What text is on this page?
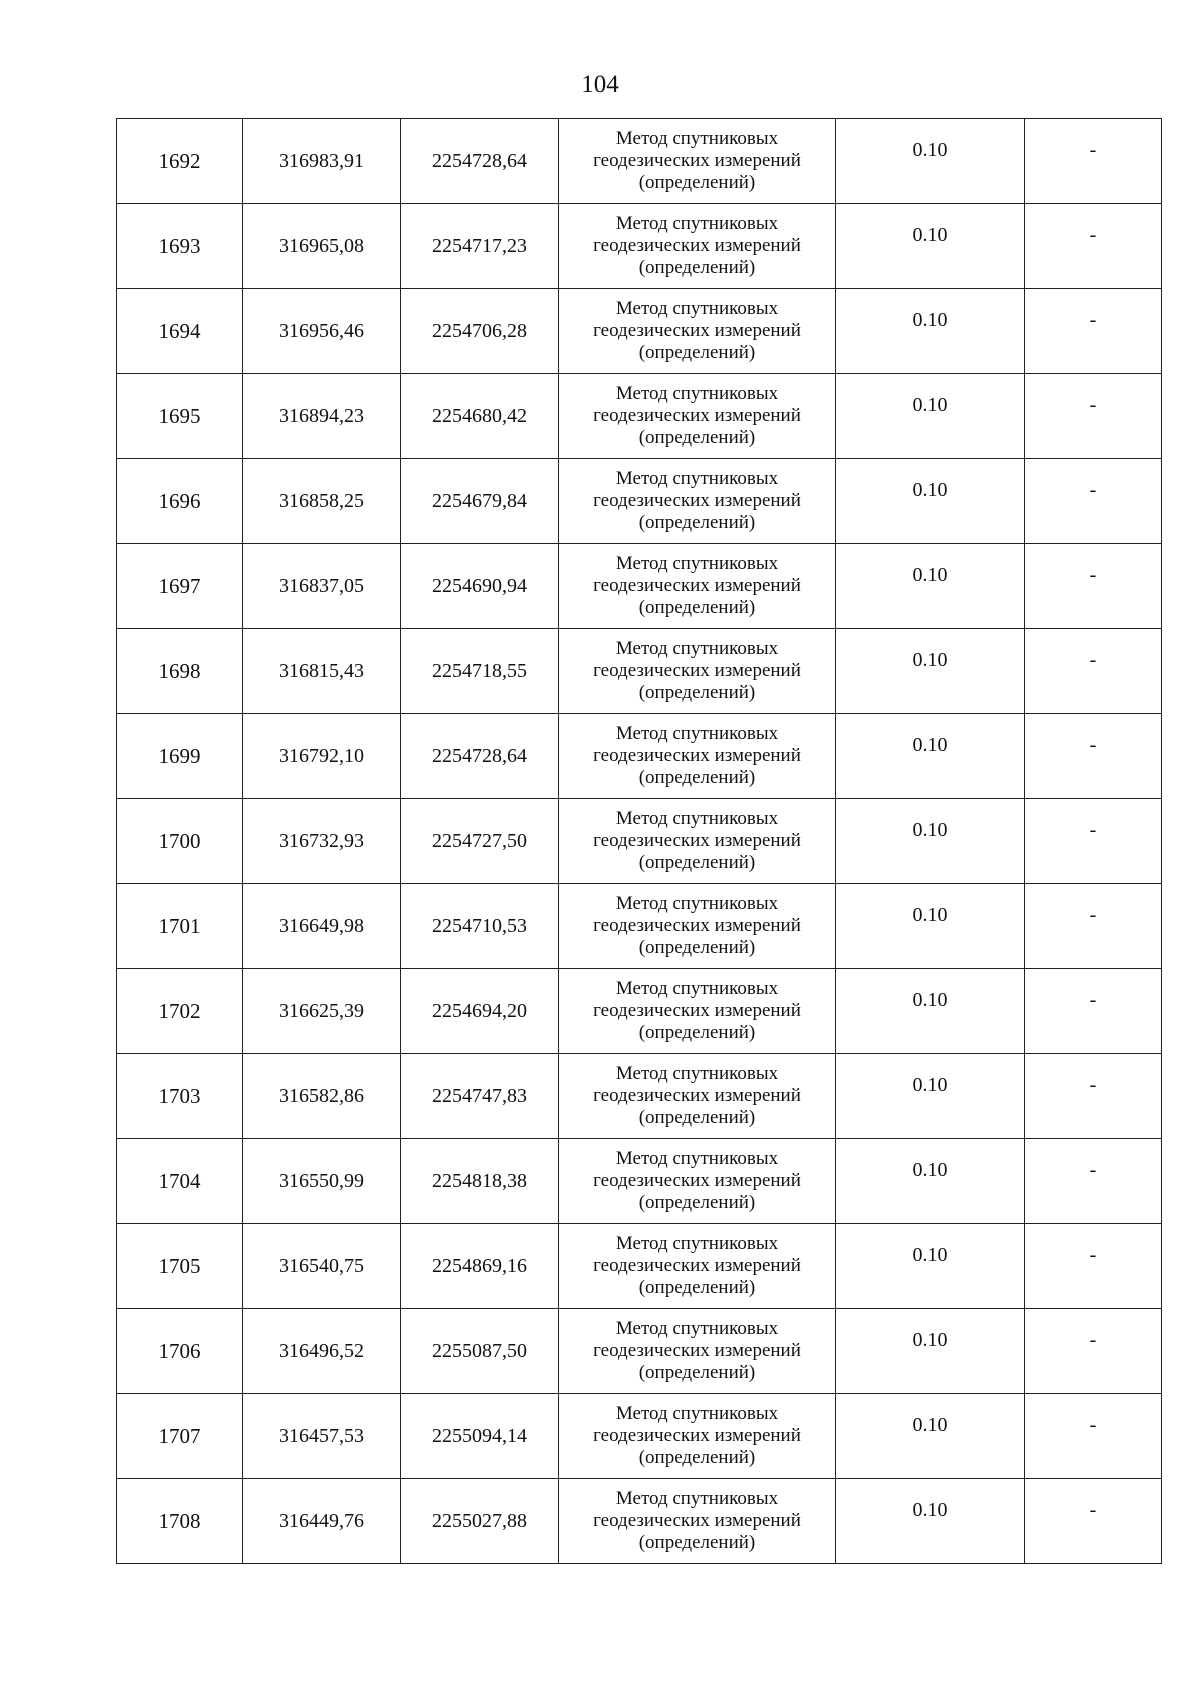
104
1692	316983,91	2254728,64	Метод спутниковых
геодезических измерений
(определений)	0.10	-
1693	316965,08	2254717,23	Метод спутниковых
геодезических измерений
(определений)	0.10	-
1694	316956,46	2254706,28	Метод спутниковых
геодезических измерений
(определений)	0.10	-
1695	316894,23	2254680,42	Метод спутниковых
геодезических измерений
(определений)	0.10	-
1696	316858,25	2254679,84	Метод спутниковых
геодезических измерений
(определений)	0.10	-
1697	316837,05	2254690,94	Метод спутниковых
геодезических измерений
(определений)	0.10	-
1698	316815,43	2254718,55	Метод спутниковых
геодезических измерений
(определений)	0.10	-
1699	316792,10	2254728,64	Метод спутниковых
геодезических измерений
(определений)	0.10	-
1700	316732,93	2254727,50	Метод спутниковых
геодезических измерений
(определений)	0.10	-
1701	316649,98	2254710,53	Метод спутниковых
геодезических измерений
(определений)	0.10	-
1702	316625,39	2254694,20	Метод спутниковых
геодезических измерений
(определений)	0.10	-
1703	316582,86	2254747,83	Метод спутниковых
геодезических измерений
(определений)	0.10	-
1704	316550,99	2254818,38	Метод спутниковых
геодезических измерений
(определений)	0.10	-
1705	316540,75	2254869,16	Метод спутниковых
геодезических измерений
(определений)	0.10	-
1706	316496,52	2255087,50	Метод спутниковых
геодезических измерений
(определений)	0.10	-
1707	316457,53	2255094,14	Метод спутниковых
геодезических измерений
(определений)	0.10	-
1708	316449,76	2255027,88	Метод спутниковых
геодезических измерений
(определений)	0.10	-
